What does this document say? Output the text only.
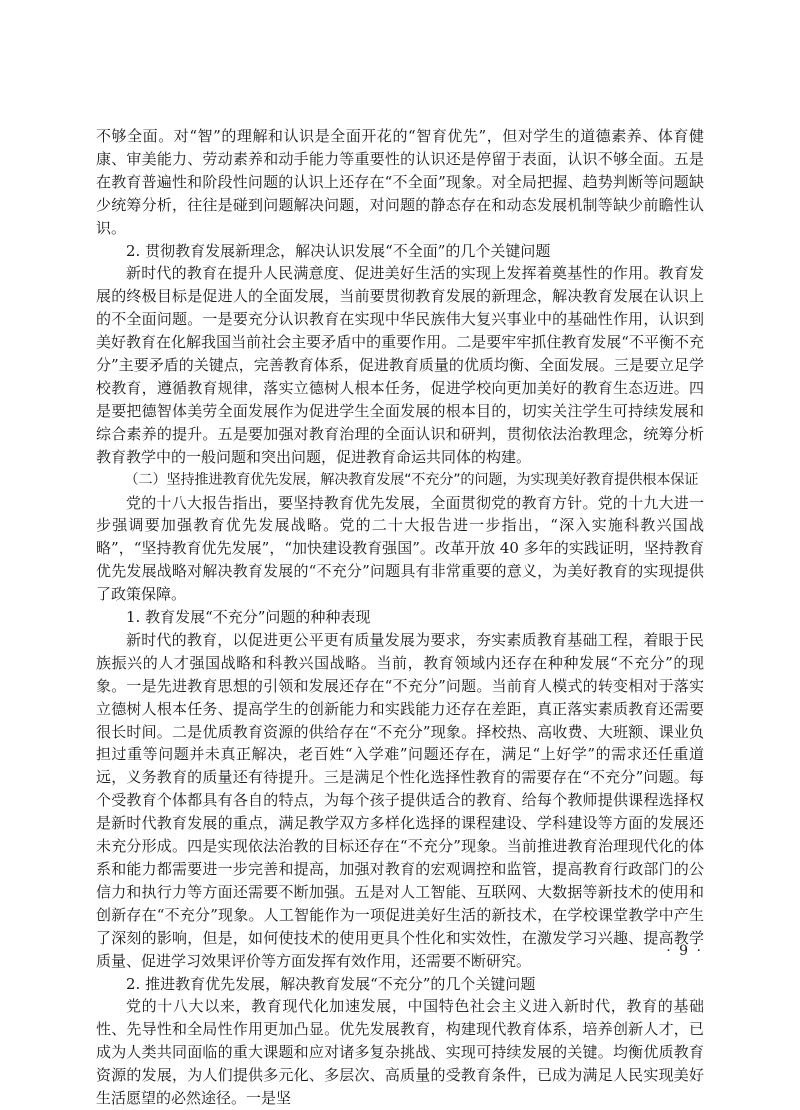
不够全面。对“智”的理解和认识是全面开花的“智育优先”，但对学生的道德素养、体育健康、审美能力、劳动素养和动手能力等重要性的认识还是停留于表面，认识不够全面。五是在教育普遍性和阶段性问题的认识上还存在“不全面”现象。对全局把握、趋势判断等问题缺少统筹分析，往往是碰到问题解决问题，对问题的静态存在和动态发展机制等缺少前瞻性认识。

2. 贯彻教育发展新理念，解决认识发展“不全面”的几个关键问题

新时代的教育在提升人民满意度、促进美好生活的实现上发挥着奠基性的作用。教育发展的终极目标是促进人的全面发展，当前要贯彻教育发展的新理念，解决教育发展在认识上的不全面问题。一是要充分认识教育在实现中华民族伟大复兴事业中的基础性作用，认识到美好教育在化解我国当前社会主要矛盾中的重要作用。二是要牢牢抓住教育发展“不平衡不充分”主要矛盾的关键点，完善教育体系，促进教育质量的优质均衡、全面发展。三是要立足学校教育，遵循教育规律，落实立德树人根本任务，促进学校向更加美好的教育生态迈进。四是要把德智体美劳全面发展作为促进学生全面发展的根本目的，切实关注学生可持续发展和综合素养的提升。五是要加强对教育治理的全面认识和研判，贯彻依法治教理念，统筹分析教育教学中的一般问题和突出问题，促进教育命运共同体的构建。

（二）坚持推进教育优先发展，解决教育发展“不充分”的问题，为实现美好教育提供根本保证

党的十八大报告指出，要坚持教育优先发展，全面贯彻党的教育方针。党的十九大进一步强调要加强教育优先发展战略。党的二十大报告进一步指出，“深入实施科教兴国战略”，“坚持教育优先发展”，“加快建设教育强国”。改革开放 40 多年的实践证明，坚持教育优先发展战略对解决教育发展的“不充分”问题具有非常重要的意义，为美好教育的实现提供了政策保障。

1. 教育发展“不充分”问题的种种表现

新时代的教育，以促进更公平更有质量发展为要求，夯实素质教育基础工程，着眼于民族振兴的人才强国战略和科教兴国战略。当前，教育领域内还存在种种发展“不充分”的现象。一是先进教育思想的引领和发展还存在“不充分”问题。当前育人模式的转变相对于落实立德树人根本任务、提高学生的创新能力和实践能力还存在差距，真正落实素质教育还需要很长时间。二是优质教育资源的供给存在“不充分”现象。择校热、高收费、大班额、课业负担过重等问题并未真正解决，老百姓“入学难”问题还存在，满足“上好学”的需求还任重道远，义务教育的质量还有待提升。三是满足个性化选择性教育的需要存在“不充分”问题。每个受教育个体都具有各自的特点，为每个孩子提供适合的教育、给每个教师提供课程选择权是新时代教育发展的重点，满足教学双方多样化选择的课程建设、学科建设等方面的发展还未充分形成。四是实现依法治教的目标还存在“不充分”现象。当前推进教育治理现代化的体系和能力都需要进一步完善和提高，加强对教育的宏观调控和监管，提高教育行政部门的公信力和执行力等方面还需要不断加强。五是对人工智能、互联网、大数据等新技术的使用和创新存在“不充分”现象。人工智能作为一项促进美好生活的新技术，在学校课堂教学中产生了深刻的影响，但是，如何使技术的使用更具个性化和实效性，在激发学习兴趣、提高教学质量、促进学习效果评价等方面发挥有效作用，还需要不断研究。

2. 推进教育优先发展，解决教育发展“不充分”的几个关键问题

党的十八大以来，教育现代化加速发展，中国特色社会主义进入新时代，教育的基础性、先导性和全局性作用更加凸显。优先发展教育，构建现代教育体系，培养创新人才，已成为人类共同面临的重大课题和应对诸多复杂挑战、实现可持续发展的关键。均衡优质教育资源的发展，为人们提供多元化、多层次、高质量的受教育条件，已成为满足人民实现美好生活愿望的必然途径。一是坚

· 9 ·
